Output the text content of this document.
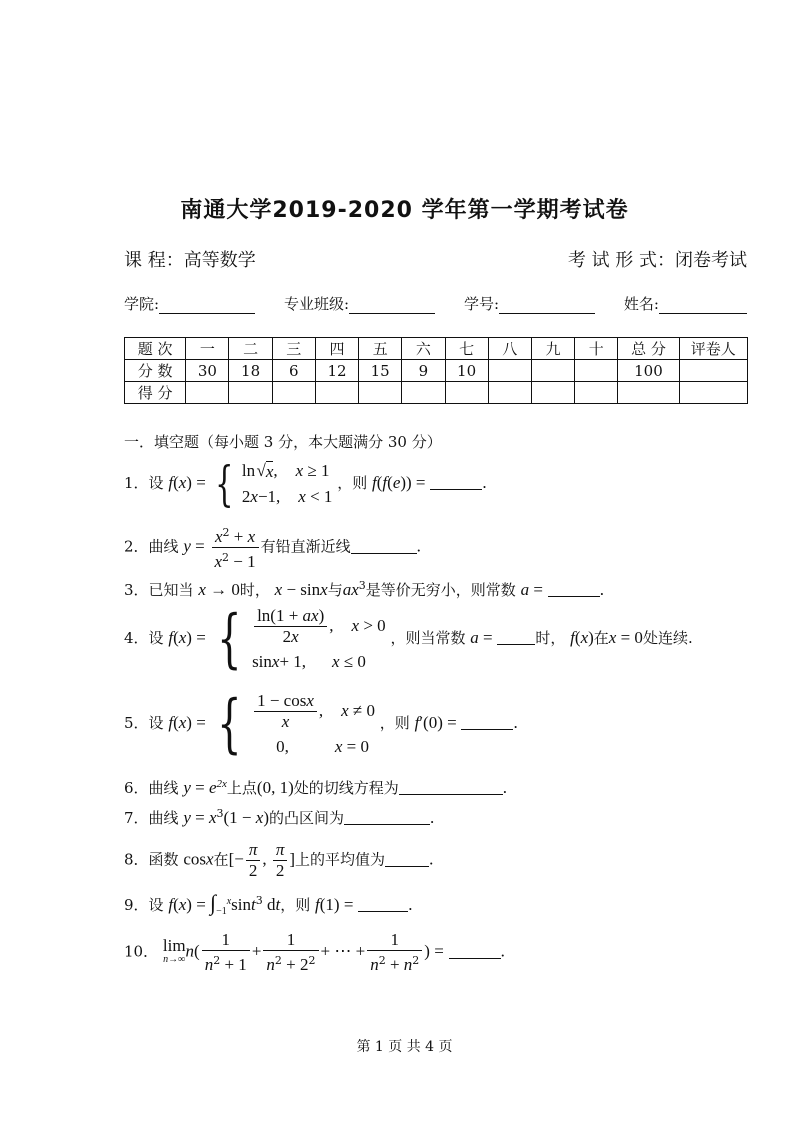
南通大学2019-2020 学年第一学期考试卷
课 程：高等数学	考 试 形 式：闭卷考试
学院:	专业班级:	学号:	姓名:
题 次	一	二	三	四	五	六	七	八	九	十	总 分	评卷人
分 数	30	18	6	12	15	9	10				100	
得 分												
一．填空题（每小题 3 分，本大题满分 30 分）
1．设 f(x) = { ln √ x , x ≥ 1
2 x −1, x < 1
，则 f(f(e)) =	.
2．曲线 $y = \frac{x^2 + x}{x^2 - 1}$ 有铅直渐近线	.
3．已知当 x → 0时， x − sinx与$ax^3$是等价无穷小，则常数 a =	.
4．设 f(x) = { $\frac{\ln(1 + ax)}{2x}$ , x > 0
sin x + 1, x ≤ 0
，则当常数 a =	时， f(x)在x = 0处连续.
5．设 f(x) = { $\frac{1 - \cos x}{x}$ , x ≠ 0
0,	x = 0
，则 f′(0) =	.
6．曲线 $y = e^{2x}$上点(0, 1)处的切线方程为	.
7．曲线 $y = x^3(1 - x)$的凸区间为	.
8．函数 cosx在[− $\frac{\pi}{2}$ , $\frac{\pi}{2}$ ]上的平均值为	.
9．设 $f(x) = \int_{-1}^x\sin t^3$ dt，则 f(1) =	.
10． lim
n→∞ $n( \frac{1}{n^2 + 1} + \frac{1}{n^2 + 2^2}$ + ⋯ + $\frac{1}{n^2 + n^2}$ ) =	.
第 1 页 共 4 页
